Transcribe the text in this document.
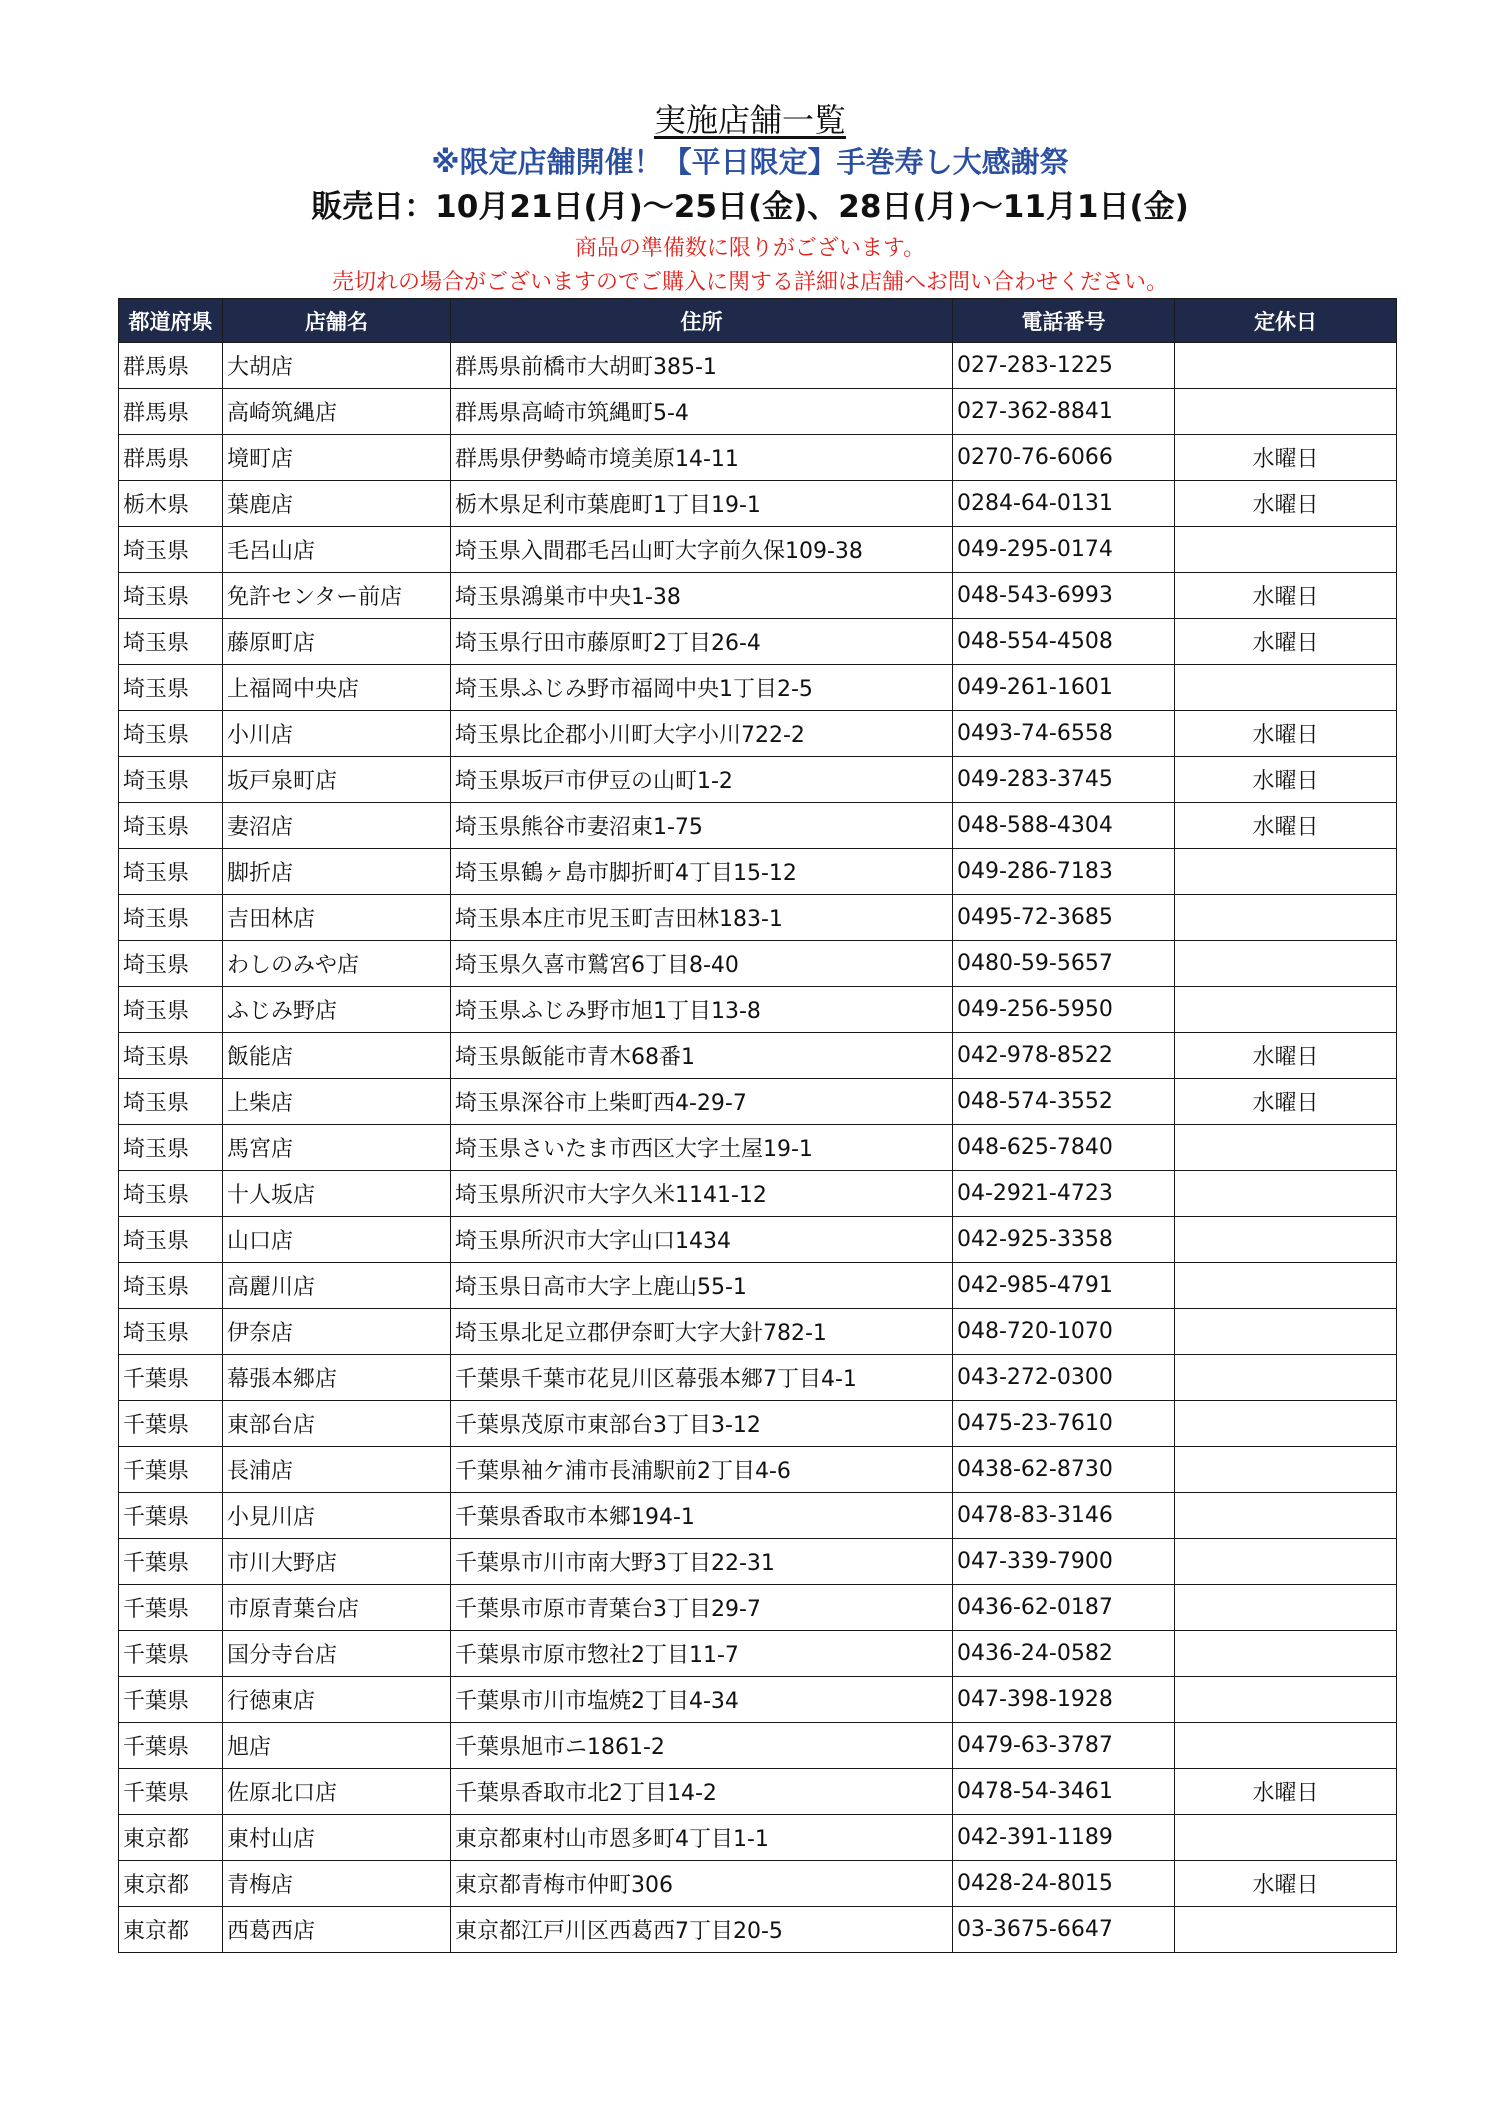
実施店舗一覧
※限定店舗開催！【平日限定】手巻寿し大感謝祭
販売日：10月21日(月)～25日(金)、28日(月)～11月1日(金)
商品の準備数に限りがございます。
売切れの場合がございますのでご購入に関する詳細は店舗へお問い合わせください。
都道府県	店舗名	住所	電話番号	定休日
群馬県	大胡店	群馬県前橋市大胡町385-1	027-283-1225	
群馬県	高崎筑縄店	群馬県高崎市筑縄町5-4	027-362-8841	
群馬県	境町店	群馬県伊勢崎市境美原14-11	0270-76-6066	水曜日
栃木県	葉鹿店	栃木県足利市葉鹿町1丁目19-1	0284-64-0131	水曜日
埼玉県	毛呂山店	埼玉県入間郡毛呂山町大字前久保109-38	049-295-0174	
埼玉県	免許センター前店	埼玉県鴻巣市中央1-38	048-543-6993	水曜日
埼玉県	藤原町店	埼玉県行田市藤原町2丁目26-4	048-554-4508	水曜日
埼玉県	上福岡中央店	埼玉県ふじみ野市福岡中央1丁目2-5	049-261-1601	
埼玉県	小川店	埼玉県比企郡小川町大字小川722-2	0493-74-6558	水曜日
埼玉県	坂戸泉町店	埼玉県坂戸市伊豆の山町1-2	049-283-3745	水曜日
埼玉県	妻沼店	埼玉県熊谷市妻沼東1-75	048-588-4304	水曜日
埼玉県	脚折店	埼玉県鶴ヶ島市脚折町4丁目15-12	049-286-7183	
埼玉県	吉田林店	埼玉県本庄市児玉町吉田林183-1	0495-72-3685	
埼玉県	わしのみや店	埼玉県久喜市鷲宮6丁目8-40	0480-59-5657	
埼玉県	ふじみ野店	埼玉県ふじみ野市旭1丁目13-8	049-256-5950	
埼玉県	飯能店	埼玉県飯能市青木68番1	042-978-8522	水曜日
埼玉県	上柴店	埼玉県深谷市上柴町西4-29-7	048-574-3552	水曜日
埼玉県	馬宮店	埼玉県さいたま市西区大字土屋19-1	048-625-7840	
埼玉県	十人坂店	埼玉県所沢市大字久米1141-12	04-2921-4723	
埼玉県	山口店	埼玉県所沢市大字山口1434	042-925-3358	
埼玉県	高麗川店	埼玉県日高市大字上鹿山55-1	042-985-4791	
埼玉県	伊奈店	埼玉県北足立郡伊奈町大字大針782-1	048-720-1070	
千葉県	幕張本郷店	千葉県千葉市花見川区幕張本郷7丁目4-1	043-272-0300	
千葉県	東部台店	千葉県茂原市東部台3丁目3-12	0475-23-7610	
千葉県	長浦店	千葉県袖ケ浦市長浦駅前2丁目4-6	0438-62-8730	
千葉県	小見川店	千葉県香取市本郷194-1	0478-83-3146	
千葉県	市川大野店	千葉県市川市南大野3丁目22-31	047-339-7900	
千葉県	市原青葉台店	千葉県市原市青葉台3丁目29-7	0436-62-0187	
千葉県	国分寺台店	千葉県市原市惣社2丁目11-7	0436-24-0582	
千葉県	行徳東店	千葉県市川市塩焼2丁目4-34	047-398-1928	
千葉県	旭店	千葉県旭市ニ1861-2	0479-63-3787	
千葉県	佐原北口店	千葉県香取市北2丁目14-2	0478-54-3461	水曜日
東京都	東村山店	東京都東村山市恩多町4丁目1-1	042-391-1189	
東京都	青梅店	東京都青梅市仲町306	0428-24-8015	水曜日
東京都	西葛西店	東京都江戸川区西葛西7丁目20-5	03-3675-6647	
